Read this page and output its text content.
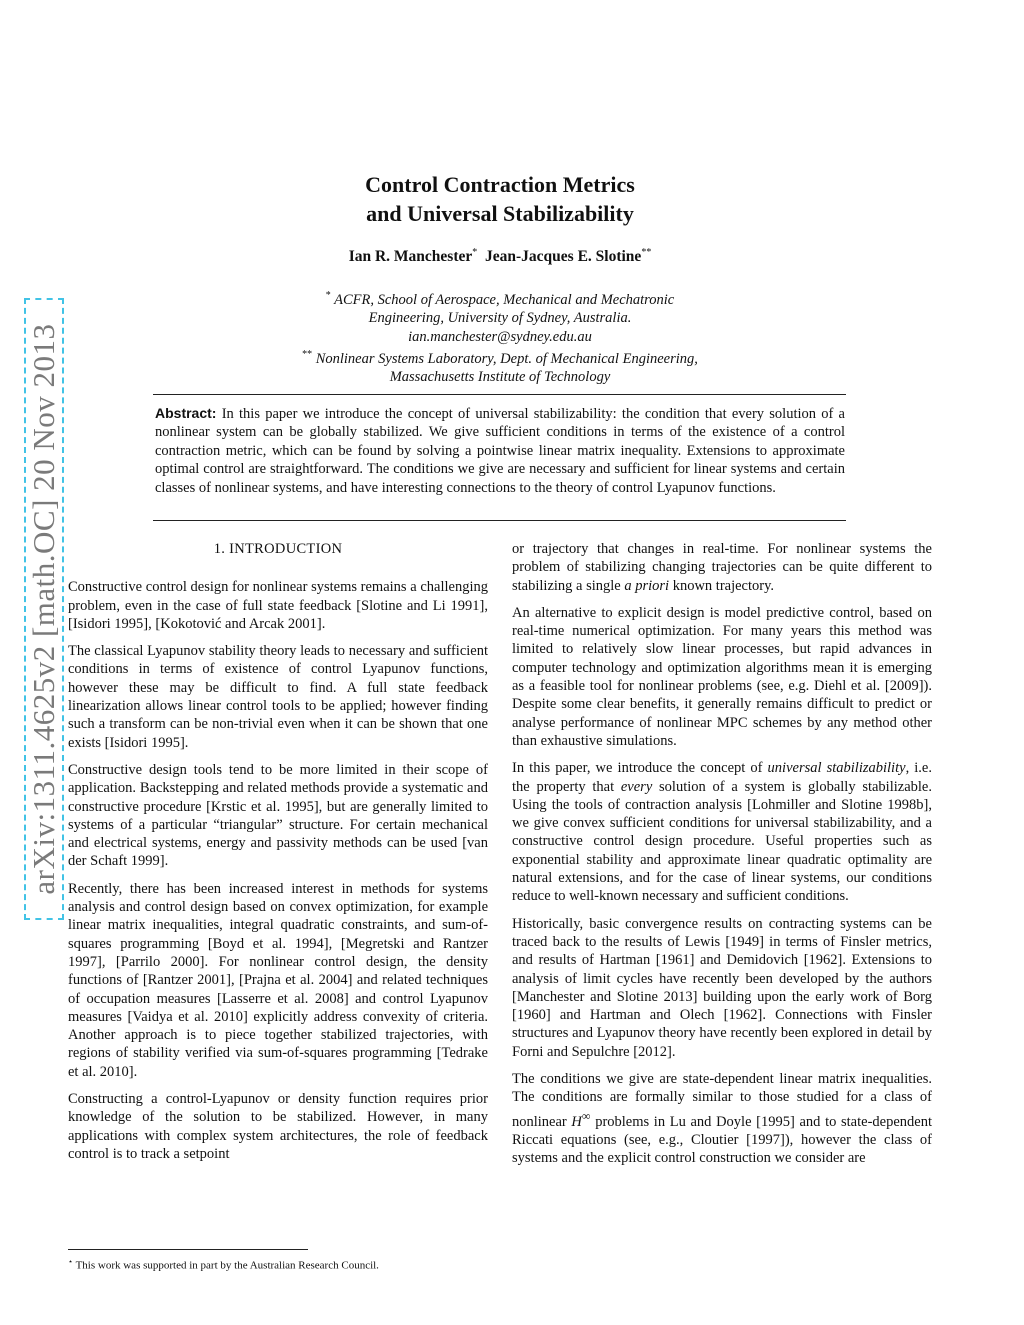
arXiv:1311.4625v2 [math.OC] 20 Nov 2013
Control Contraction Metrics
and Universal Stabilizability
Ian R. Manchester* Jean-Jacques E. Slotine**
* ACFR, School of Aerospace, Mechanical and Mechatronic
Engineering, University of Sydney, Australia.
ian.manchester@sydney.edu.au
** Nonlinear Systems Laboratory, Dept. of Mechanical Engineering,
Massachusetts Institute of Technology
Abstract: In this paper we introduce the concept of universal stabilizability: the condition that every solution of a nonlinear system can be globally stabilized. We give sufficient conditions in terms of the existence of a control contraction metric, which can be found by solving a pointwise linear matrix inequality. Extensions to approximate optimal control are straightforward. The conditions we give are necessary and sufficient for linear systems and certain classes of nonlinear systems, and have interesting connections to the theory of control Lyapunov functions.
1. INTRODUCTION

Constructive control design for nonlinear systems remains a challenging problem, even in the case of full state feedback [Slotine and Li 1991], [Isidori 1995], [Kokotović and Arcak 2001].

The classical Lyapunov stability theory leads to necessary and sufficient conditions in terms of existence of control Lyapunov functions, however these may be difficult to find. A full state feedback linearization allows linear control tools to be applied; however finding such a transform can be non-trivial even when it can be shown that one exists [Isidori 1995].

Constructive design tools tend to be more limited in their scope of application. Backstepping and related methods provide a systematic and constructive procedure [Krstic et al. 1995], but are generally limited to systems of a particular “triangular” structure. For certain mechanical and electrical systems, energy and passivity methods can be used [van der Schaft 1999].

Recently, there has been increased interest in methods for systems analysis and control design based on convex optimization, for example linear matrix inequalities, integral quadratic constraints, and sum-of-squares programming [Boyd et al. 1994], [Megretski and Rantzer 1997], [Parrilo 2000]. For nonlinear control design, the density functions of [Rantzer 2001], [Prajna et al. 2004] and related techniques of occupation measures [Lasserre et al. 2008] and control Lyapunov measures [Vaidya et al. 2010] explicitly address convexity of criteria. Another approach is to piece together stabilized trajectories, with regions of stability verified via sum-of-squares programming [Tedrake et al. 2010].

Constructing a control-Lyapunov or density function requires prior knowledge of the solution to be stabilized. However, in many applications with complex system architectures, the role of feedback control is to track a setpoint

or trajectory that changes in real-time. For nonlinear systems the problem of stabilizing changing trajectories can be quite different to stabilizing a single a priori known trajectory.

An alternative to explicit design is model predictive control, based on real-time numerical optimization. For many years this method was limited to relatively slow linear processes, but rapid advances in computer technology and optimization algorithms mean it is emerging as a feasible tool for nonlinear problems (see, e.g. Diehl et al. [2009]). Despite some clear benefits, it generally remains difficult to predict or analyse performance of nonlinear MPC schemes by any method other than exhaustive simulations.

In this paper, we introduce the concept of universal stabilizability, i.e. the property that every solution of a system is globally stabilizable. Using the tools of contraction analysis [Lohmiller and Slotine 1998b], we give convex sufficient conditions for universal stabilizability, and a constructive control design procedure. Useful properties such as exponential stability and approximate linear quadratic optimality are natural extensions, and for the case of linear systems, our conditions reduce to well-known necessary and sufficient conditions.

Historically, basic convergence results on contracting systems can be traced back to the results of Lewis [1949] in terms of Finsler metrics, and results of Hartman [1961] and Demidovich [1962]. Extensions to analysis of limit cycles have recently been developed by the authors [Manchester and Slotine 2013] building upon the early work of Borg [1960] and Hartman and Olech [1962]. Connections with Finsler structures and Lyapunov theory have recently been explored in detail by Forni and Sepulchre [2012].

The conditions we give are state-dependent linear matrix inequalities. The conditions are formally similar to those studied for a class of nonlinear H∞ problems in Lu and Doyle [1995] and to state-dependent Riccati equations (see, e.g., Cloutier [1997]), however the class of systems and the explicit control construction we consider are

⋆ This work was supported in part by the Australian Research Council.
